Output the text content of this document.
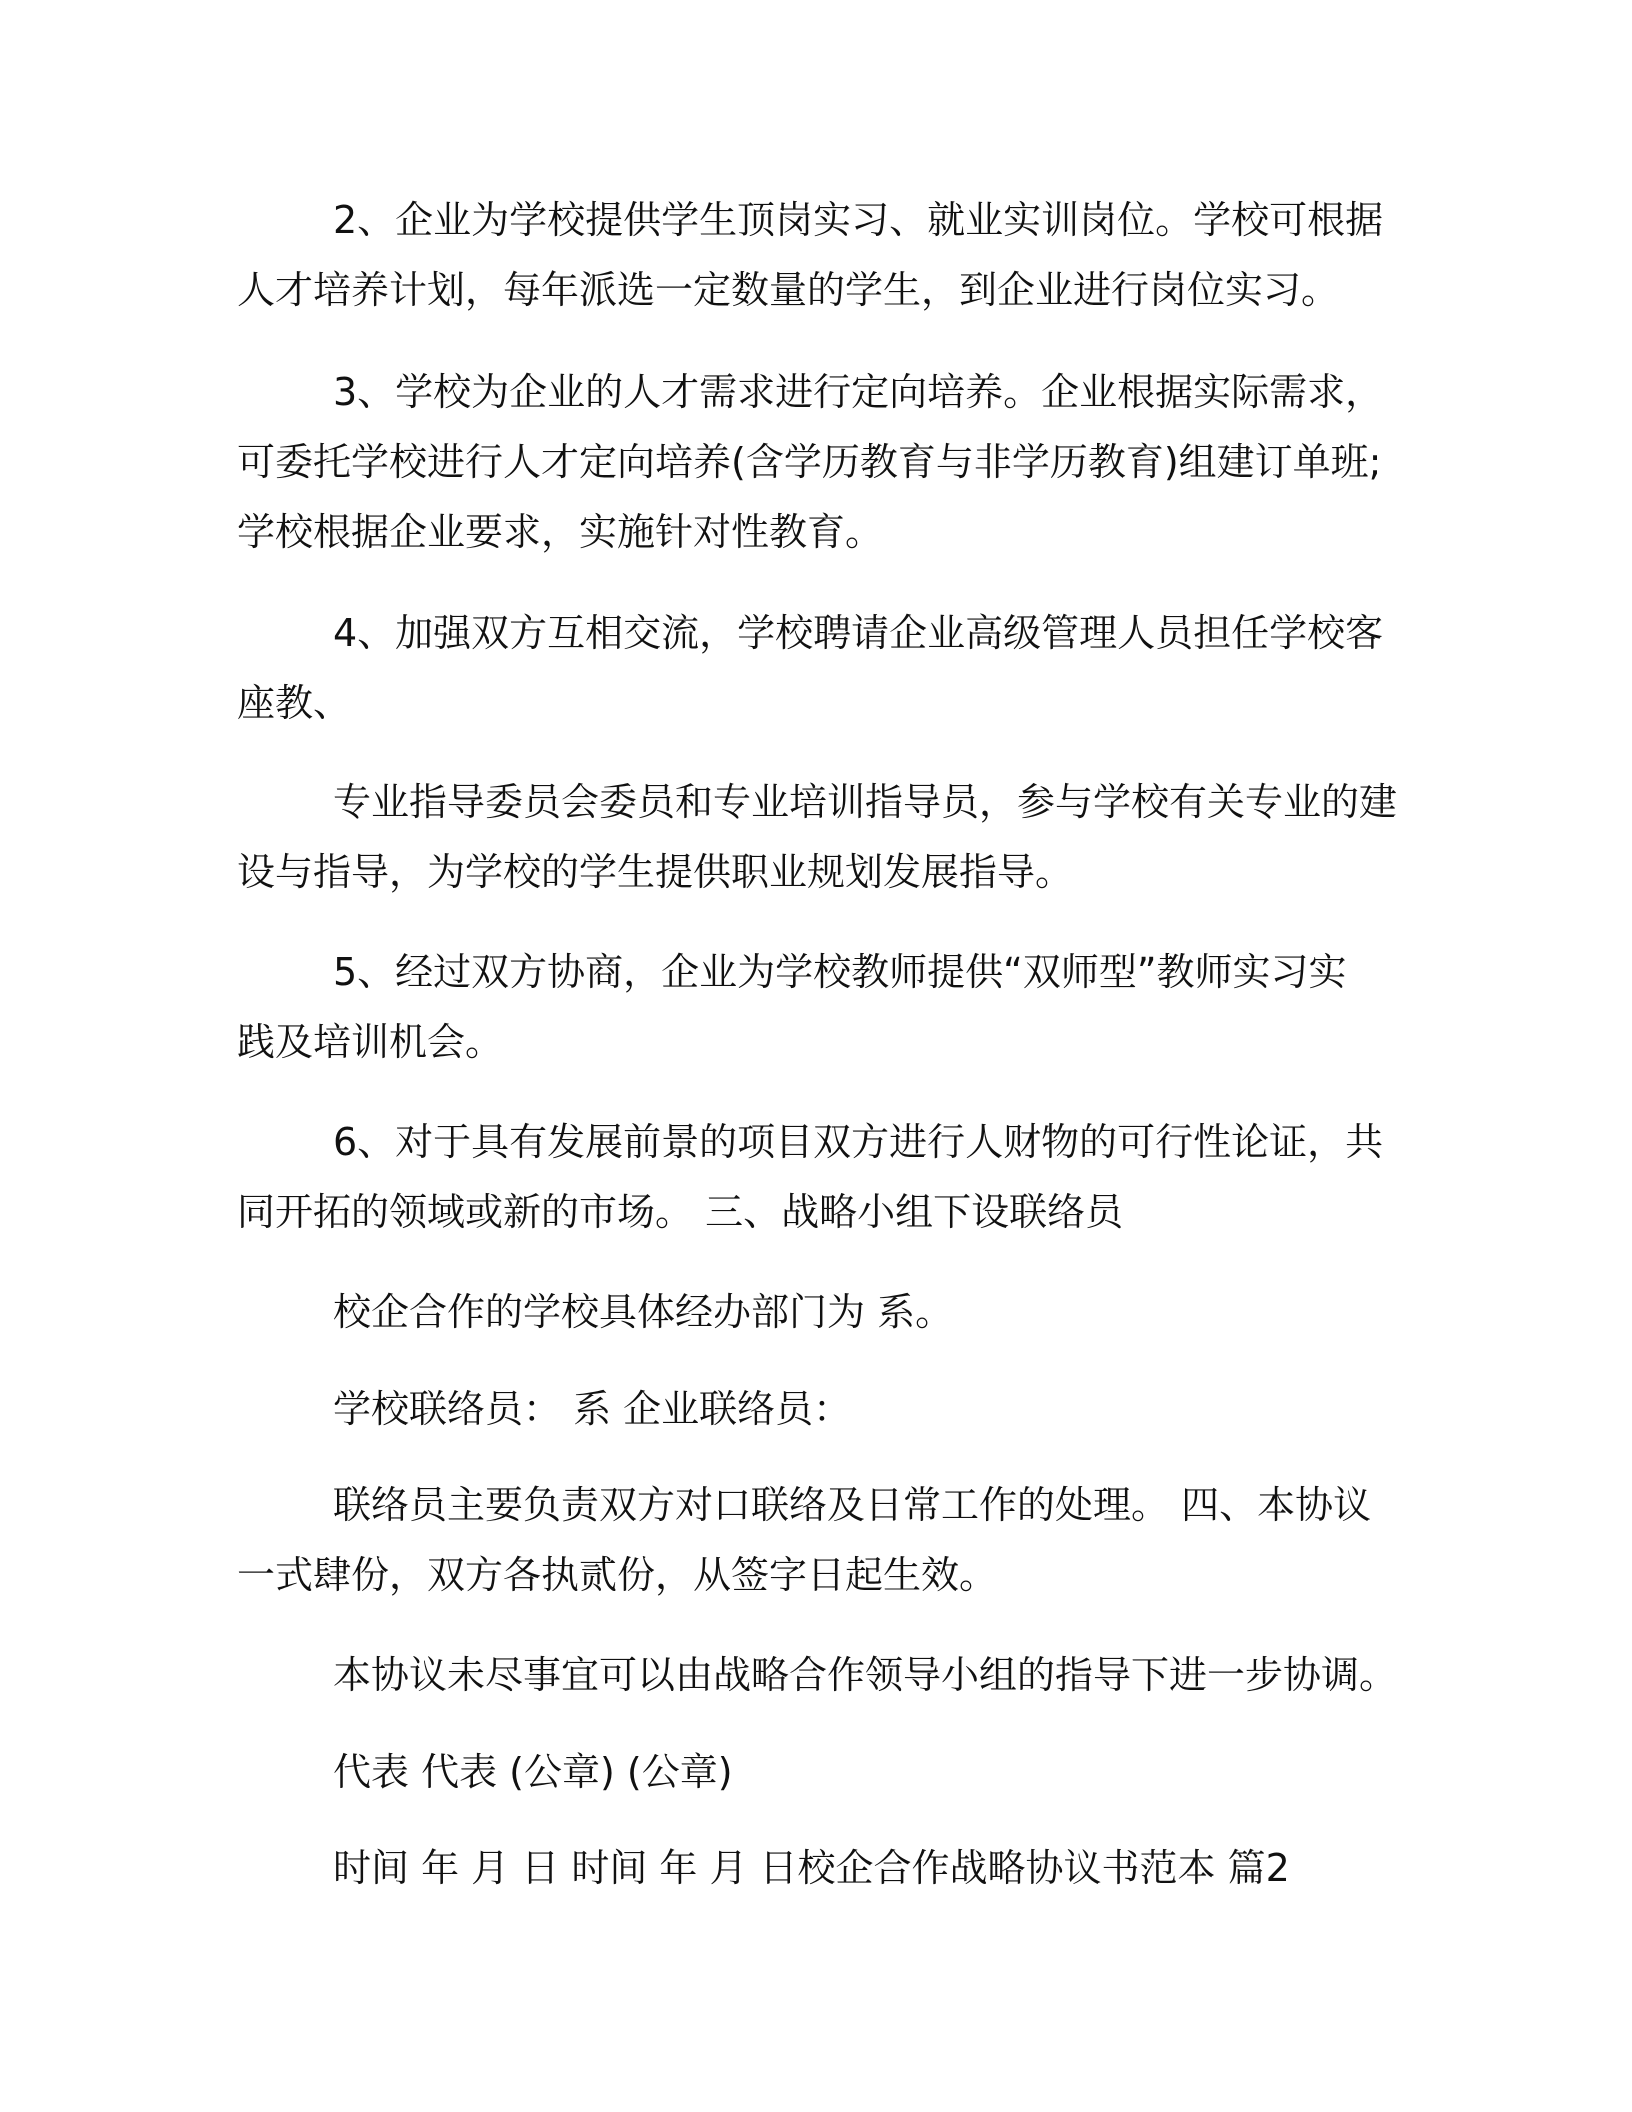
2、企业为学校提供学生顶岗实习、就业实训岗位。学校可根据
人才培养计划，每年派选一定数量的学生，到企业进行岗位实习。

3、学校为企业的人才需求进行定向培养。企业根据实际需求，
可委托学校进行人才定向培养(含学历教育与非学历教育)组建订单班;
学校根据企业要求，实施针对性教育。

4、加强双方互相交流，学校聘请企业高级管理人员担任学校客
座教、

专业指导委员会委员和专业培训指导员，参与学校有关专业的建
设与指导，为学校的学生提供职业规划发展指导。

5、经过双方协商，企业为学校教师提供“双师型”教师实习实
践及培训机会。

6、对于具有发展前景的项目双方进行人财物的可行性论证，共
同开拓的领域或新的市场。 三、战略小组下设联络员

校企合作的学校具体经办部门为 系。

学校联络员： 系 企业联络员：

联络员主要负责双方对口联络及日常工作的处理。 四、本协议
一式肆份，双方各执贰份，从签字日起生效。

本协议未尽事宜可以由战略合作领导小组的指导下进一步协调。

代表 代表 (公章) (公章)

时间 年 月 日 时间 年 月 日校企合作战略协议书范本 篇2
